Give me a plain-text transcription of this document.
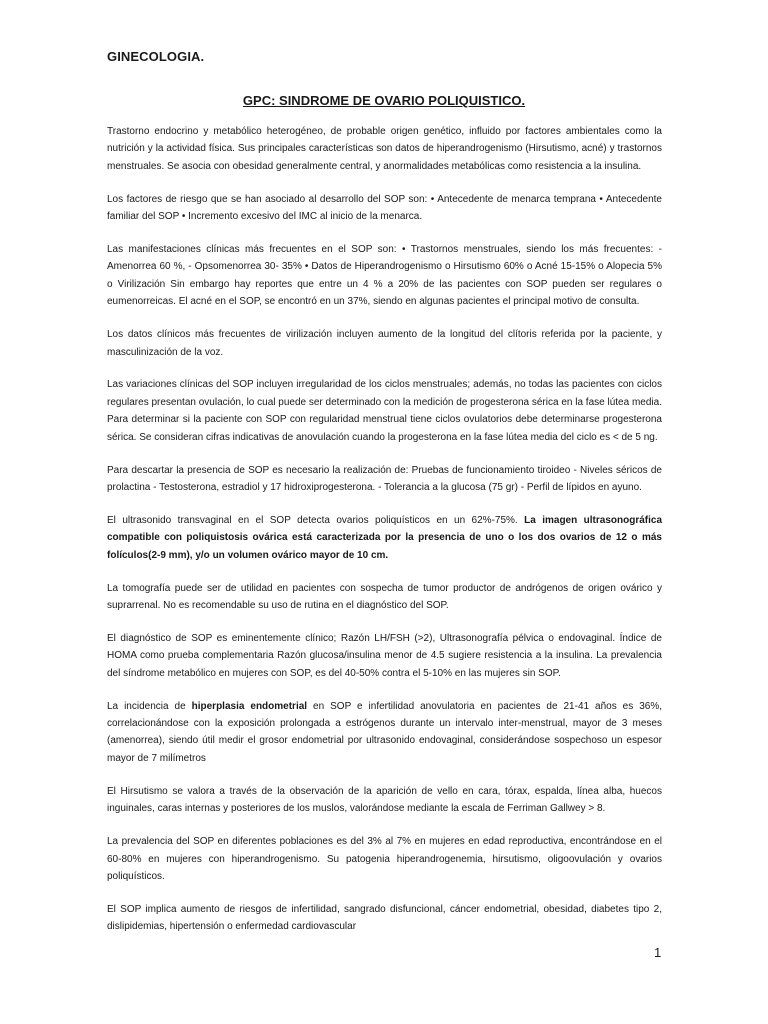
GINECOLOGIA.
GPC: SINDROME DE OVARIO POLIQUISTICO.

Trastorno endocrino y metabólico heterogéneo, de probable origen genético, influido por factores ambientales como la nutrición y la actividad física. Sus principales características son datos de hiperandrogenismo (Hirsutismo, acné) y trastornos menstruales. Se asocia con obesidad generalmente central, y anormalidades metabólicas como resistencia a la insulina.

Los factores de riesgo que se han asociado al desarrollo del SOP son: • Antecedente de menarca temprana • Antecedente familiar del SOP • Incremento excesivo del IMC al inicio de la menarca.

Las manifestaciones clínicas más frecuentes en el SOP son: • Trastornos menstruales, siendo los más frecuentes: - Amenorrea 60 %, - Opsomenorrea 30- 35% • Datos de Hiperandrogenismo o Hirsutismo 60% o Acné 15-15% o Alopecia 5% o Virilización Sin embargo hay reportes que entre un 4 % a 20% de las pacientes con SOP pueden ser regulares o eumenorreicas. El acné en el SOP, se encontró en un 37%, siendo en algunas pacientes el principal motivo de consulta.

Los datos clínicos más frecuentes de virilización incluyen aumento de la longitud del clítoris referida por la paciente, y masculinización de la voz.

Las variaciones clínicas del SOP incluyen irregularidad de los ciclos menstruales; además, no todas las pacientes con ciclos regulares presentan ovulación, lo cual puede ser determinado con la medición de progesterona sérica en la fase lútea media. Para determinar si la paciente con SOP con regularidad menstrual tiene ciclos ovulatorios debe determinarse progesterona sérica. Se consideran cifras indicativas de anovulación cuando la progesterona en la fase lútea media del ciclo es < de 5 ng.

Para descartar la presencia de SOP es necesario la realización de: Pruebas de funcionamiento tiroideo - Niveles séricos de prolactina - Testosterona, estradiol y 17 hidroxiprogesterona. - Tolerancia a la glucosa (75 gr) - Perfil de lípidos en ayuno.

El ultrasonido transvaginal en el SOP detecta ovarios poliquísticos en un 62%-75%. La imagen ultrasonográfica compatible con poliquistosis ovárica está caracterizada por la presencia de uno o los dos ovarios de 12 o más folículos(2-9 mm), y/o un volumen ovárico mayor de 10 cm.

La tomografía puede ser de utilidad en pacientes con sospecha de tumor productor de andrógenos de origen ovárico y suprarrenal. No es recomendable su uso de rutina en el diagnóstico del SOP.

El diagnóstico de SOP es eminentemente clínico; Razón LH/FSH (>2), Ultrasonografía pélvica o endovaginal. Índice de HOMA como prueba complementaria Razón glucosa/insulina menor de 4.5 sugiere resistencia a la insulina. La prevalencia del síndrome metabólico en mujeres con SOP, es del 40-50% contra el 5-10% en las mujeres sin SOP.

La incidencia de hiperplasia endometrial en SOP e infertilidad anovulatoria en pacientes de 21-41 años es 36%, correlacionándose con la exposición prolongada a estrógenos durante un intervalo inter-menstrual, mayor de 3 meses (amenorrea), siendo útil medir el grosor endometrial por ultrasonido endovaginal, considerándose sospechoso un espesor mayor de 7 milímetros

El Hirsutismo se valora a través de la observación de la aparición de vello en cara, tórax, espalda, línea alba, huecos inguinales, caras internas y posteriores de los muslos, valorándose mediante la escala de Ferriman Gallwey > 8.

La prevalencia del SOP en diferentes poblaciones es del 3% al 7% en mujeres en edad reproductiva, encontrándose en el 60-80% en mujeres con hiperandrogenismo. Su patogenia hiperandrogenemia, hirsutismo, oligoovulación y ovarios poliquísticos.

El SOP implica aumento de riesgos de infertilidad, sangrado disfuncional, cáncer endometrial, obesidad, diabetes tipo 2, dislipidemias, hipertensión o enfermedad cardiovascular

1
